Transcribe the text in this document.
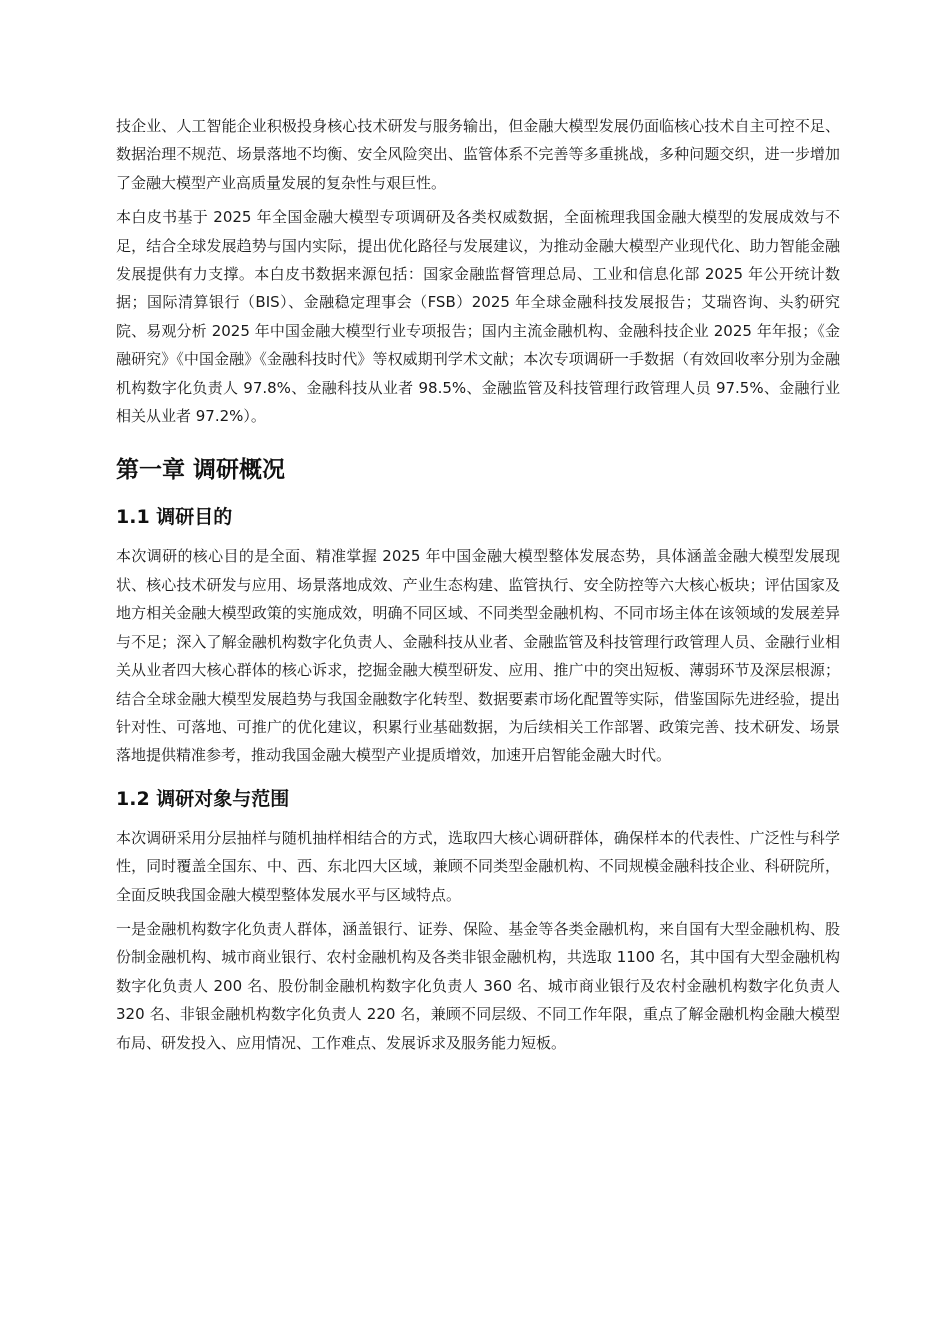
技企业、人工智能企业积极投身核心技术研发与服务输出，但金融大模型发展仍面临核心技术自主可控不足、数据治理不规范、场景落地不均衡、安全风险突出、监管体系不完善等多重挑战，多种问题交织，进一步增加了金融大模型产业高质量发展的复杂性与艰巨性。

本白皮书基于 2025 年全国金融大模型专项调研及各类权威数据，全面梳理我国金融大模型的发展成效与不足，结合全球发展趋势与国内实际，提出优化路径与发展建议，为推动金融大模型产业现代化、助力智能金融发展提供有力支撑。本白皮书数据来源包括：国家金融监督管理总局、工业和信息化部 2025 年公开统计数据；国际清算银行（BIS）、金融稳定理事会（FSB）2025 年全球金融科技发展报告；艾瑞咨询、头豹研究院、易观分析 2025 年中国金融大模型行业专项报告；国内主流金融机构、金融科技企业 2025 年年报；《金融研究》《中国金融》《金融科技时代》等权威期刊学术文献；本次专项调研一手数据（有效回收率分别为金融机构数字化负责人 97.8%、金融科技从业者 98.5%、金融监管及科技管理行政管理人员 97.5%、金融行业相关从业者 97.2%）。

第一章 调研概况
1.1 调研目的

本次调研的核心目的是全面、精准掌握 2025 年中国金融大模型整体发展态势，具体涵盖金融大模型发展现状、核心技术研发与应用、场景落地成效、产业生态构建、监管执行、安全防控等六大核心板块；评估国家及地方相关金融大模型政策的实施成效，明确不同区域、不同类型金融机构、不同市场主体在该领域的发展差异与不足；深入了解金融机构数字化负责人、金融科技从业者、金融监管及科技管理行政管理人员、金融行业相关从业者四大核心群体的核心诉求，挖掘金融大模型研发、应用、推广中的突出短板、薄弱环节及深层根源；结合全球金融大模型发展趋势与我国金融数字化转型、数据要素市场化配置等实际，借鉴国际先进经验，提出针对性、可落地、可推广的优化建议，积累行业基础数据，为后续相关工作部署、政策完善、技术研发、场景落地提供精准参考，推动我国金融大模型产业提质增效，加速开启智能金融大时代。

1.2 调研对象与范围

本次调研采用分层抽样与随机抽样相结合的方式，选取四大核心调研群体，确保样本的代表性、广泛性与科学性，同时覆盖全国东、中、西、东北四大区域，兼顾不同类型金融机构、不同规模金融科技企业、科研院所，全面反映我国金融大模型整体发展水平与区域特点。

一是金融机构数字化负责人群体，涵盖银行、证券、保险、基金等各类金融机构，来自国有大型金融机构、股份制金融机构、城市商业银行、农村金融机构及各类非银金融机构，共选取 1100 名，其中国有大型金融机构数字化负责人 200 名、股份制金融机构数字化负责人 360 名、城市商业银行及农村金融机构数字化负责人 320 名、非银金融机构数字化负责人 220 名，兼顾不同层级、不同工作年限，重点了解金融机构金融大模型布局、研发投入、应用情况、工作难点、发展诉求及服务能力短板。
